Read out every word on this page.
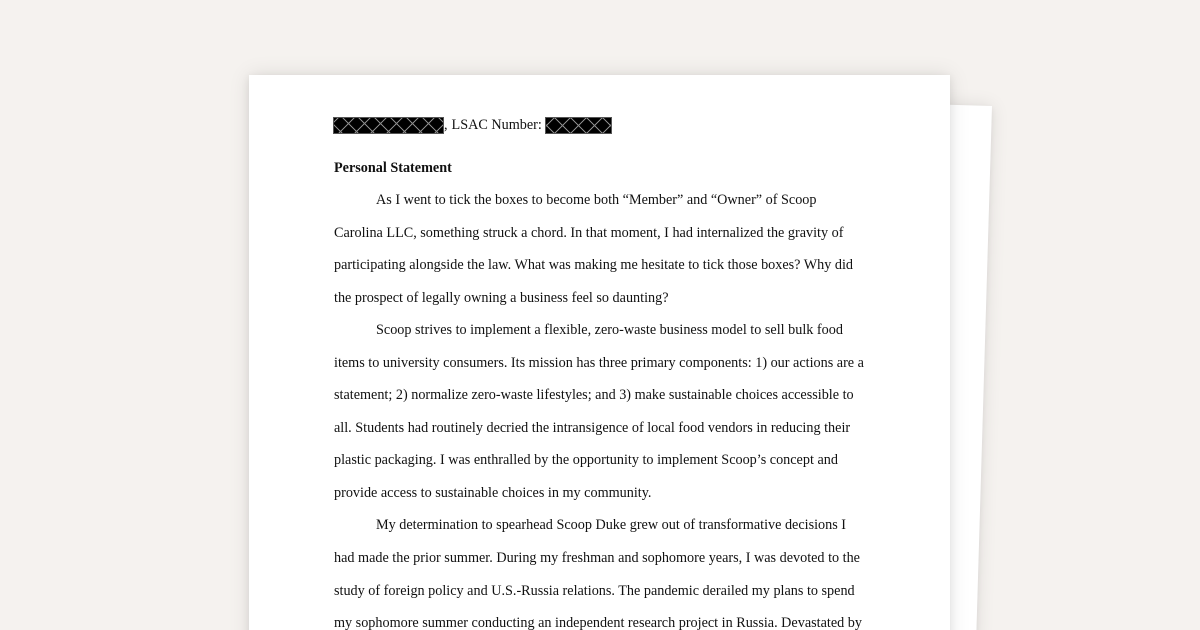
, LSAC Number:
Personal Statement
As I went to tick the boxes to become both “Member” and “Owner” of Scoop
Carolina LLC, something struck a chord. In that moment, I had internalized the gravity of
participating alongside the law. What was making me hesitate to tick those boxes? Why did
the prospect of legally owning a business feel so daunting?
Scoop strives to implement a flexible, zero-waste business model to sell bulk food
items to university consumers. Its mission has three primary components: 1) our actions are a
statement; 2) normalize zero-waste lifestyles; and 3) make sustainable choices accessible to
all. Students had routinely decried the intransigence of local food vendors in reducing their
plastic packaging. I was enthralled by the opportunity to implement Scoop’s concept and
provide access to sustainable choices in my community.
My determination to spearhead Scoop Duke grew out of transformative decisions I
had made the prior summer. During my freshman and sophomore years, I was devoted to the
study of foreign policy and U.S.-Russia relations. The pandemic derailed my plans to spend
my sophomore summer conducting an independent research project in Russia. Devastated by
